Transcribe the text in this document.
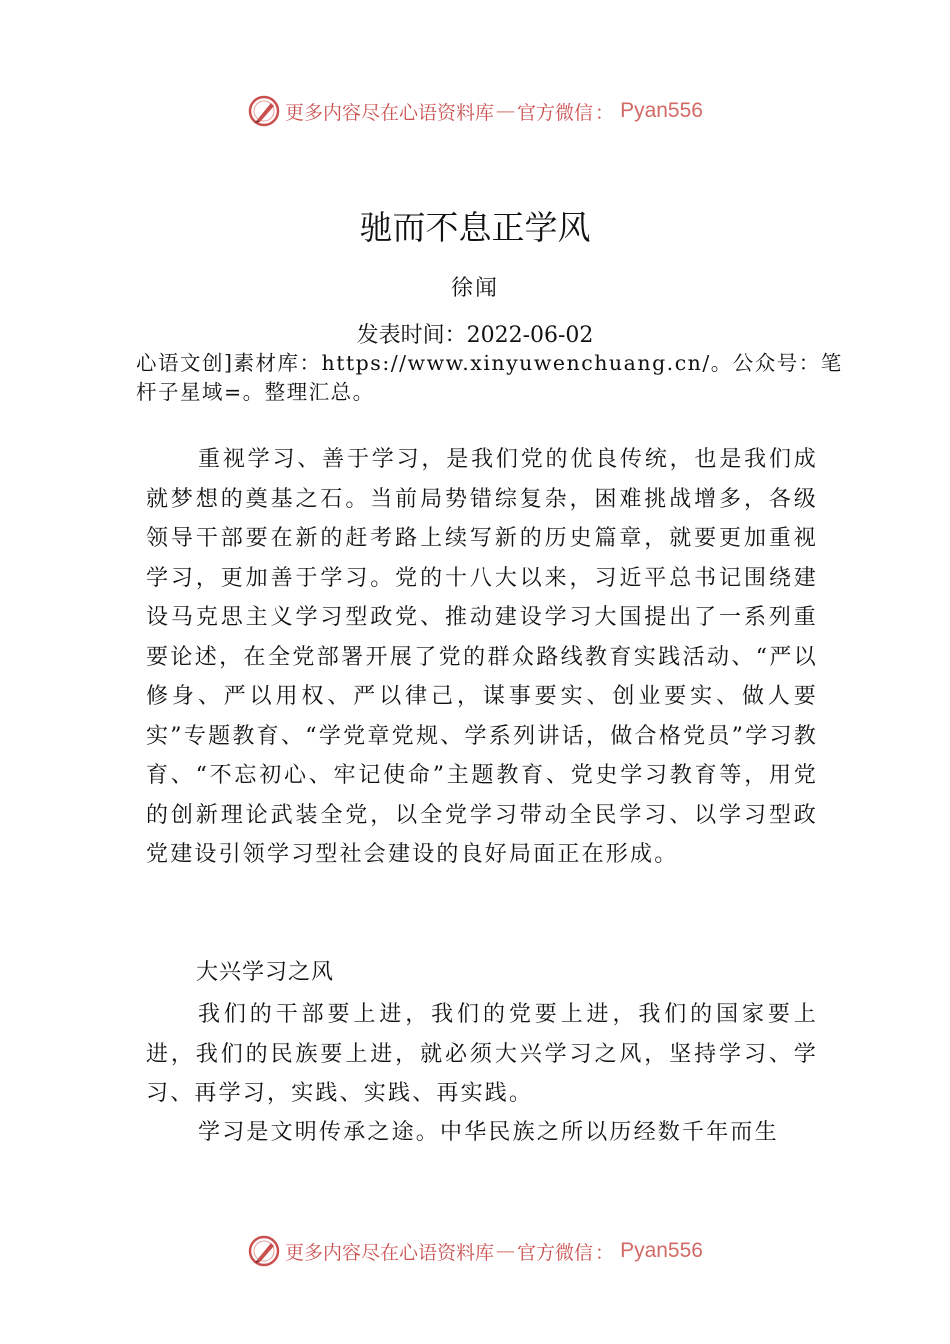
更多内容尽在心语资料库 — 官方微信 ： Pyan556
驰而不息正学风
徐闻
发表时间：2022-06-02
心语文创]素材库：https://www.xinyuwenchuang.cn/。公众号：笔杆子星域=。整理汇总。

重视学习、善于学习，是我们党的优良传统，也是我们成就梦想的奠基之石。当前局势错综复杂，困难挑战增多，各级领导干部要在新的赶考路上续写新的历史篇章，就要更加重视学习，更加善于学习。党的十八大以来，习近平总书记围绕建设马克思主义学习型政党、推动建设学习大国提出了一系列重要论述，在全党部署开展了党的群众路线教育实践活动、“严以修身、严以用权、严以律己，谋事要实、创业要实、做人要实”专题教育、“学党章党规、学系列讲话，做合格党员”学习教育、“不忘初心、牢记使命”主题教育、党史学习教育等，用党的创新理论武装全党，以全党学习带动全民学习、以学习型政党建设引领学习型社会建设的良好局面正在形成。

大兴学习之风

我们的干部要上进，我们的党要上进，我们的国家要上进，我们的民族要上进，就必须大兴学习之风，坚持学习、学习、再学习，实践、实践、再实践。

学习是文明传承之途。中华民族之所以历经数千年而生

更多内容尽在心语资料库 — 官方微信 ： Pyan556
